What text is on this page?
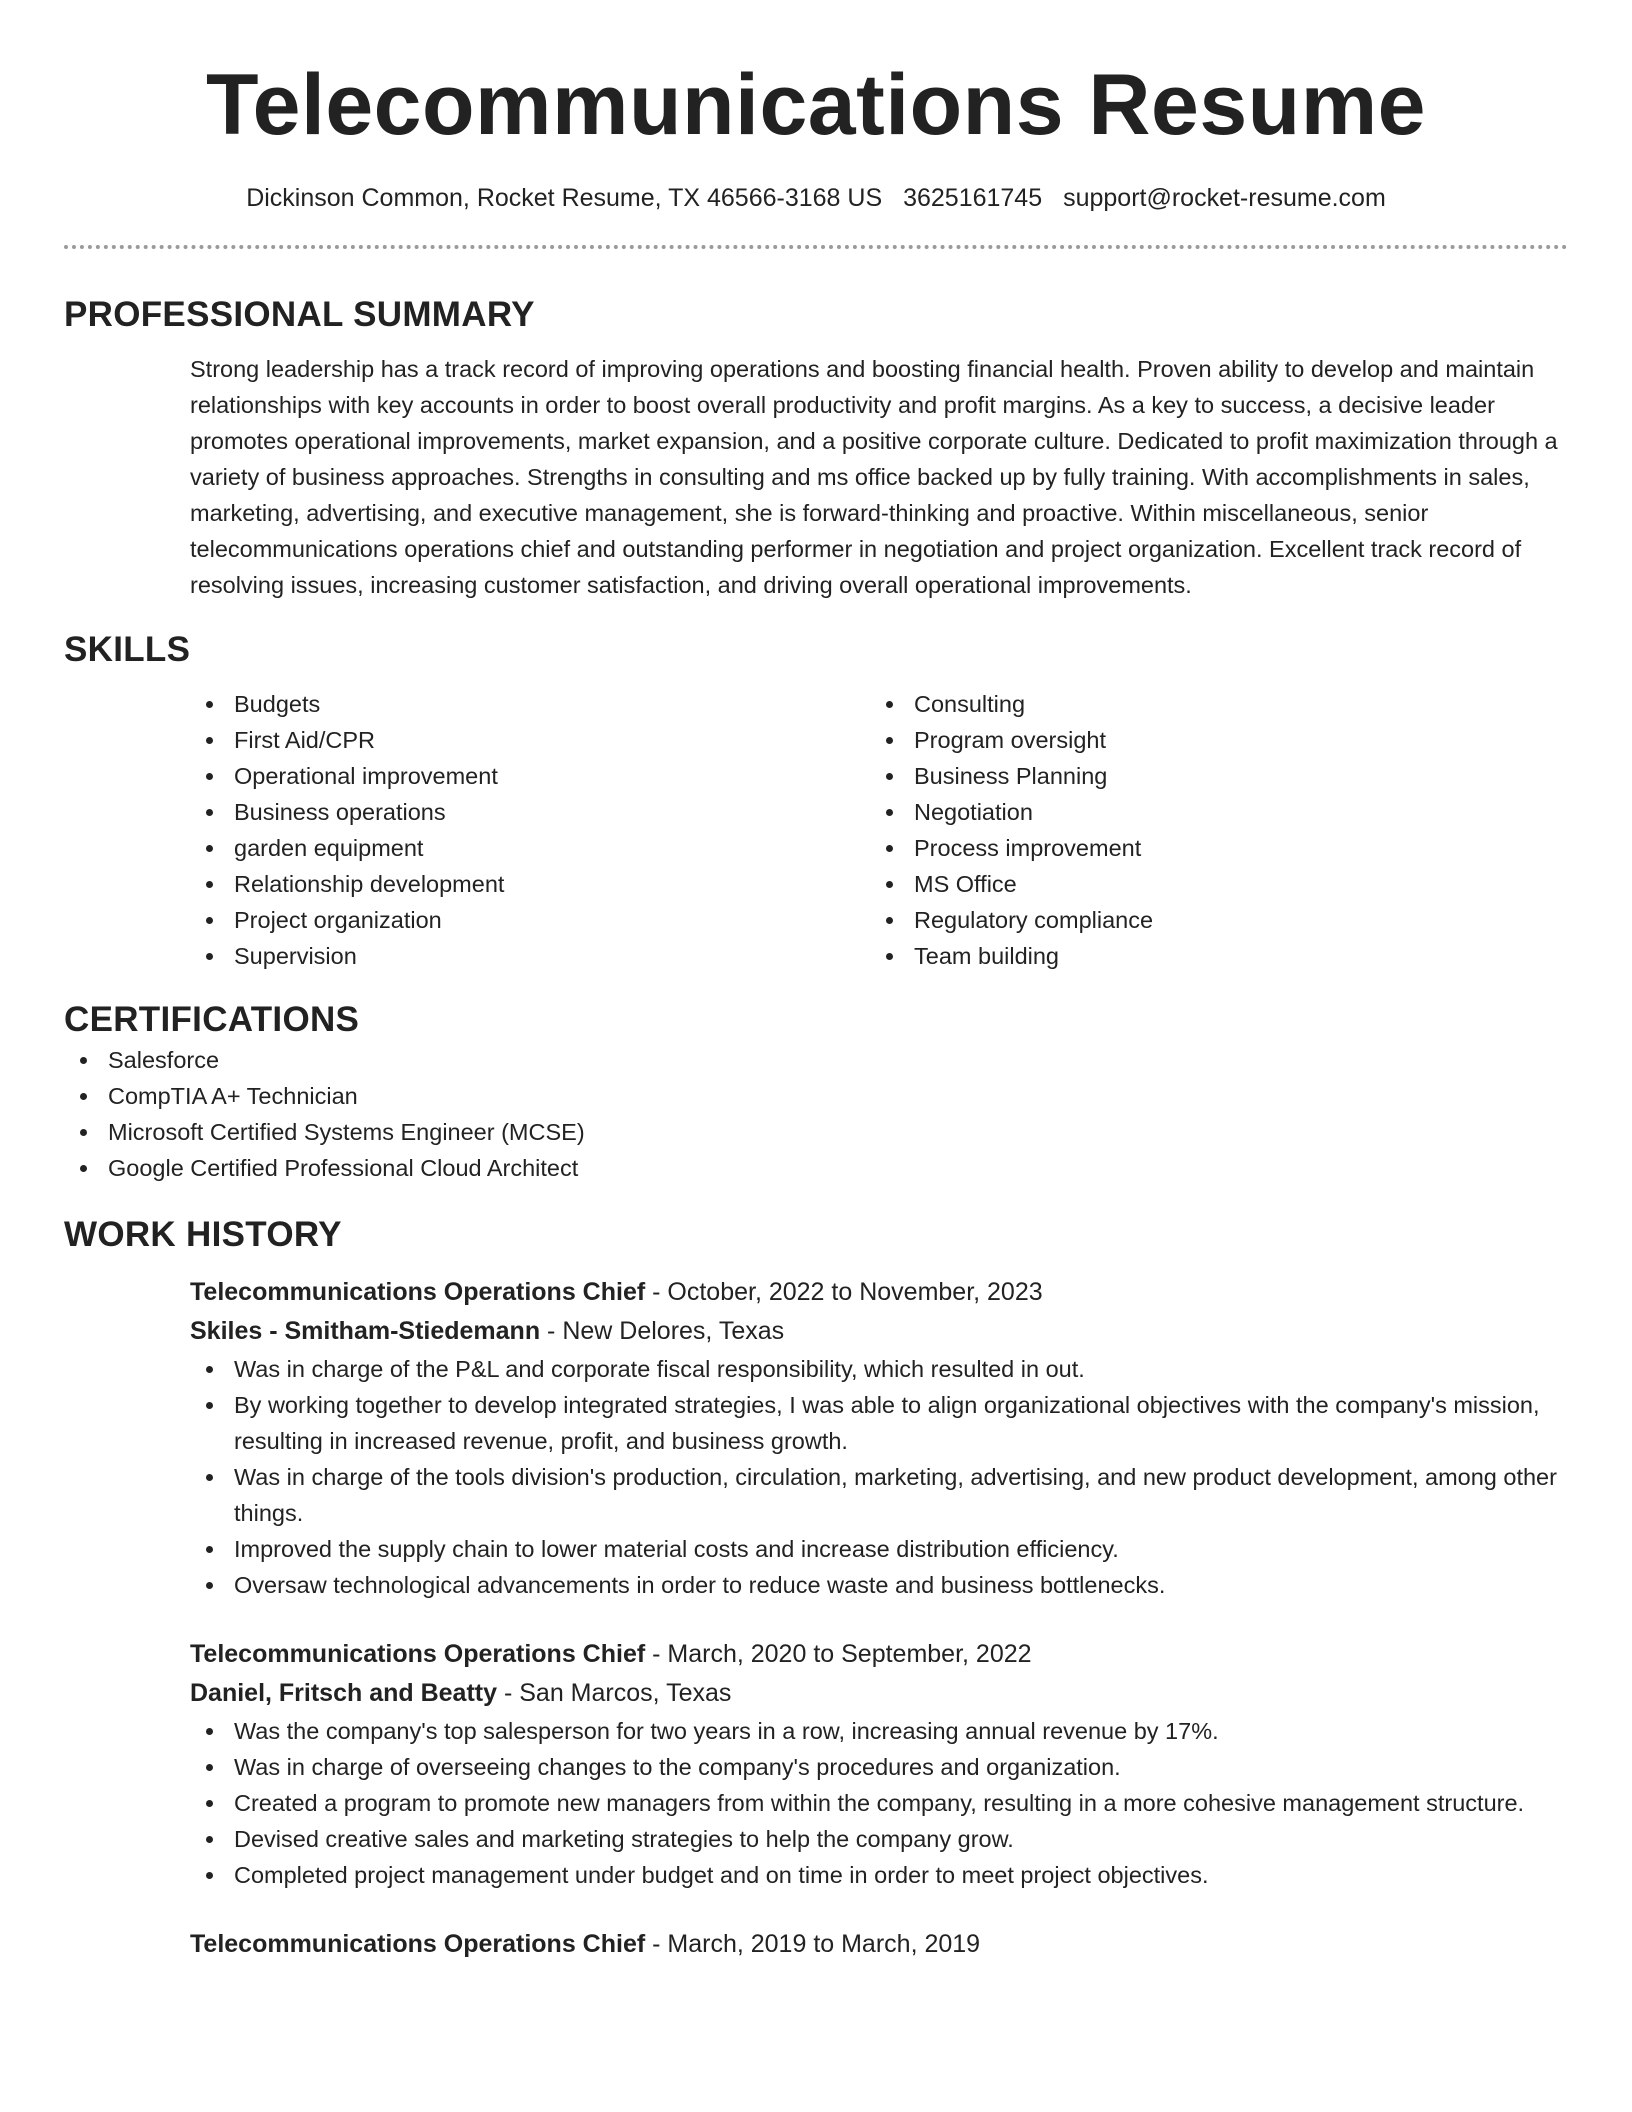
Telecommunications Resume
Dickinson Common, Rocket Resume, TX 46566-3168 US 3625161745 support@rocket-resume.com
PROFESSIONAL SUMMARY
Strong leadership has a track record of improving operations and boosting financial health. Proven ability to develop and maintain relationships with key accounts in order to boost overall productivity and profit margins. As a key to success, a decisive leader promotes operational improvements, market expansion, and a positive corporate culture. Dedicated to profit maximization through a variety of business approaches. Strengths in consulting and ms office backed up by fully training. With accomplishments in sales, marketing, advertising, and executive management, she is forward-thinking and proactive. Within miscellaneous, senior telecommunications operations chief and outstanding performer in negotiation and project organization. Excellent track record of resolving issues, increasing customer satisfaction, and driving overall operational improvements.
SKILLS
Budgets
First Aid/CPR
Operational improvement
Business operations
garden equipment
Relationship development
Project organization
Supervision
Consulting
Program oversight
Business Planning
Negotiation
Process improvement
MS Office
Regulatory compliance
Team building
CERTIFICATIONS
Salesforce
CompTIA A+ Technician
Microsoft Certified Systems Engineer (MCSE)
Google Certified Professional Cloud Architect
WORK HISTORY
Telecommunications Operations Chief - October, 2022 to November, 2023
Skiles - Smitham-Stiedemann - New Delores, Texas
Was in charge of the P&L and corporate fiscal responsibility, which resulted in out.
By working together to develop integrated strategies, I was able to align organizational objectives with the company's mission, resulting in increased revenue, profit, and business growth.
Was in charge of the tools division's production, circulation, marketing, advertising, and new product development, among other things.
Improved the supply chain to lower material costs and increase distribution efficiency.
Oversaw technological advancements in order to reduce waste and business bottlenecks.
Telecommunications Operations Chief - March, 2020 to September, 2022
Daniel, Fritsch and Beatty - San Marcos, Texas
Was the company's top salesperson for two years in a row, increasing annual revenue by 17%.
Was in charge of overseeing changes to the company's procedures and organization.
Created a program to promote new managers from within the company, resulting in a more cohesive management structure.
Devised creative sales and marketing strategies to help the company grow.
Completed project management under budget and on time in order to meet project objectives.
Telecommunications Operations Chief - March, 2019 to March, 2019
